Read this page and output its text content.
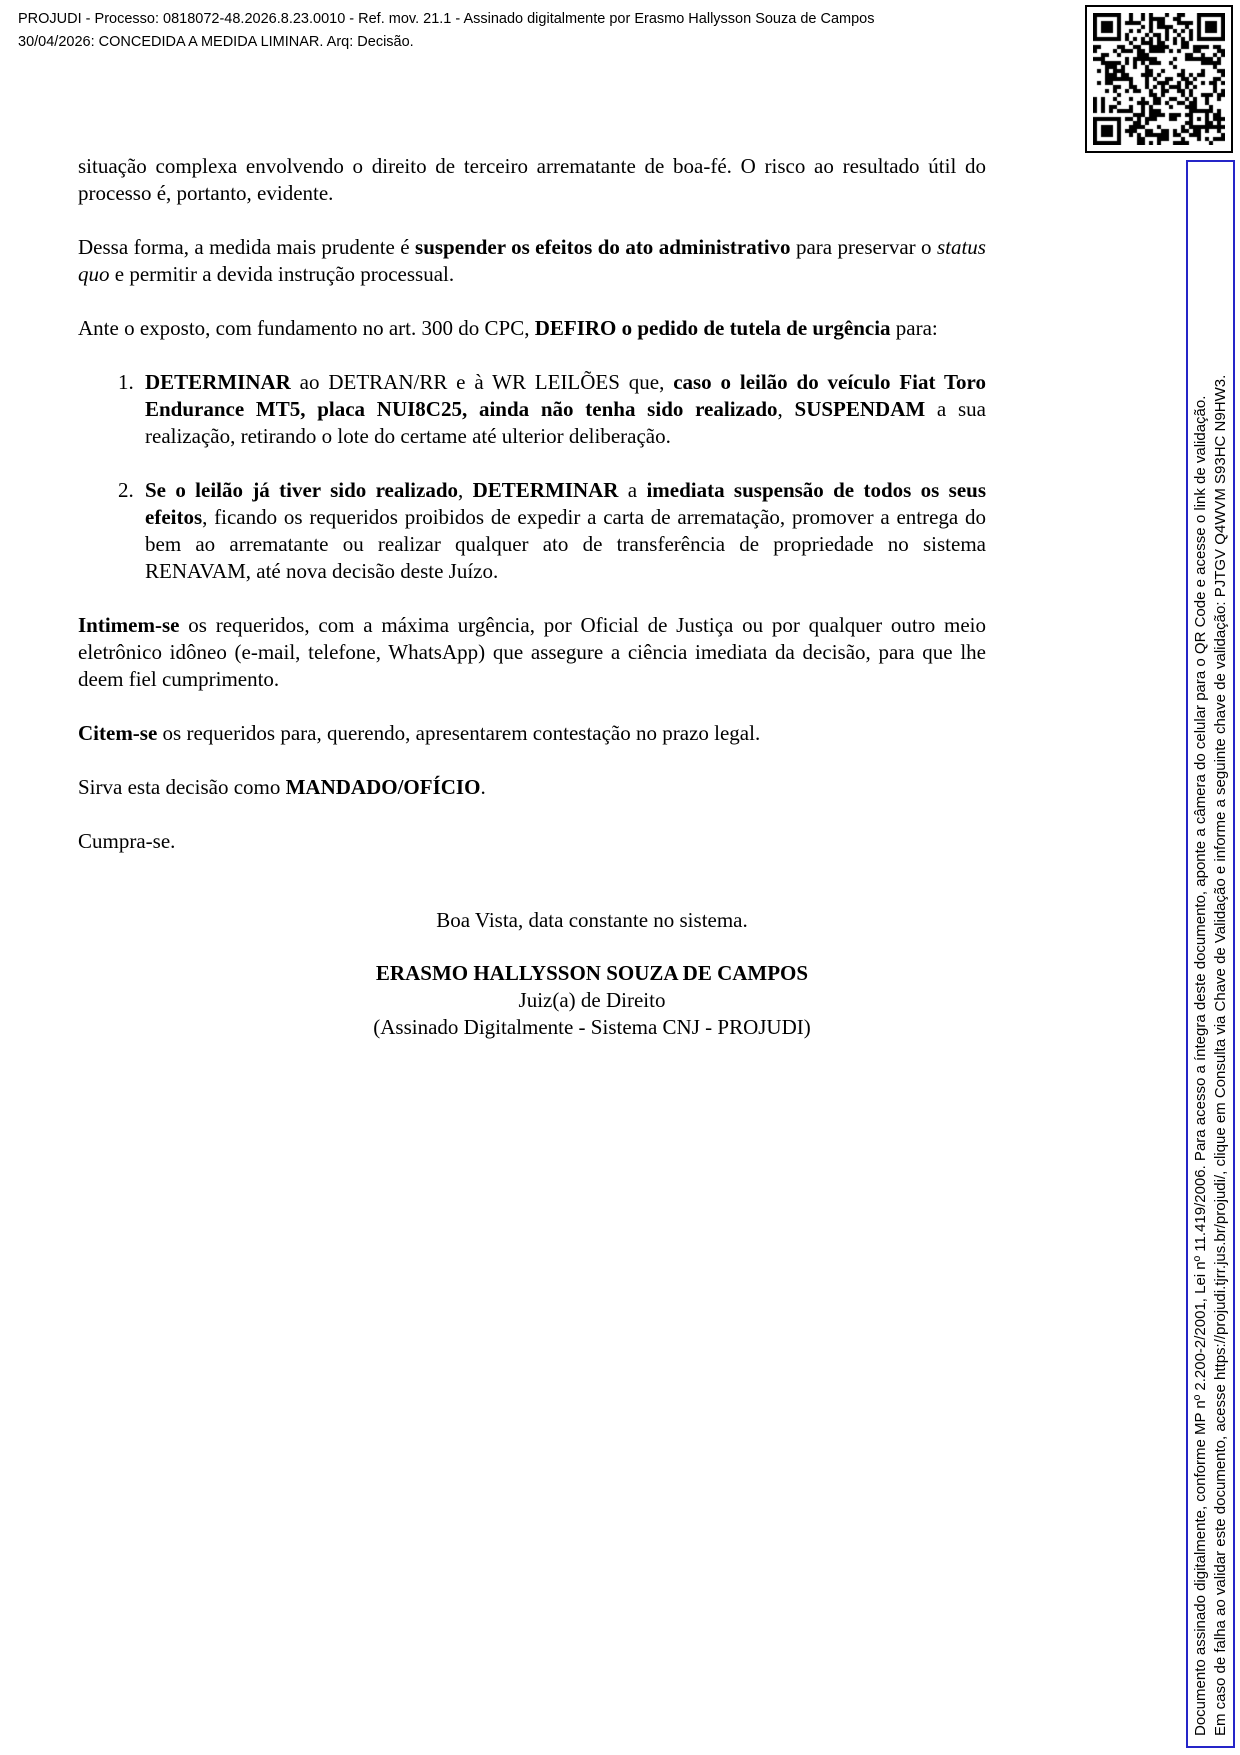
PROJUDI - Processo: 0818072-48.2026.8.23.0010 - Ref. mov. 21.1 - Assinado digitalmente por Erasmo Hallysson Souza de Campos
30/04/2026: CONCEDIDA A MEDIDA LIMINAR. Arq: Decisão.
Documento assinado digitalmente, conforme MP nº 2.200-2/2001, Lei nº 11.419/2006. Para acesso a íntegra deste documento, aponte a câmera do celular para o QR Code e acesse o link de validação. Em caso de falha ao validar este documento, acesse https://projudi.tjrr.jus.br/projudi/, clique em Consulta via Chave de Validação e informe a seguinte chave de validação: PJTGV Q4WVM S93HC N9HW3.
situação complexa envolvendo o direito de terceiro arrematante de boa-fé. O risco ao resultado útil do processo é, portanto, evidente.
Dessa forma, a medida mais prudente é suspender os efeitos do ato administrativo para preservar o status quo e permitir a devida instrução processual.
Ante o exposto, com fundamento no art. 300 do CPC, DEFIRO o pedido de tutela de urgência para:
1. DETERMINAR ao DETRAN/RR e à WR LEILÕES que, caso o leilão do veículo Fiat Toro Endurance MT5, placa NUI8C25, ainda não tenha sido realizado, SUSPENDAM a sua realização, retirando o lote do certame até ulterior deliberação.
2. Se o leilão já tiver sido realizado, DETERMINAR a imediata suspensão de todos os seus efeitos, ficando os requeridos proibidos de expedir a carta de arrematação, promover a entrega do bem ao arrematante ou realizar qualquer ato de transferência de propriedade no sistema RENAVAM, até nova decisão deste Juízo.
Intimem-se os requeridos, com a máxima urgência, por Oficial de Justiça ou por qualquer outro meio eletrônico idôneo (e-mail, telefone, WhatsApp) que assegure a ciência imediata da decisão, para que lhe deem fiel cumprimento.
Citem-se os requeridos para, querendo, apresentarem contestação no prazo legal.
Sirva esta decisão como MANDADO/OFÍCIO.
Cumpra-se.
Boa Vista, data constante no sistema.
ERASMO HALLYSSON SOUZA DE CAMPOS
Juiz(a) de Direito
(Assinado Digitalmente - Sistema CNJ - PROJUDI)
